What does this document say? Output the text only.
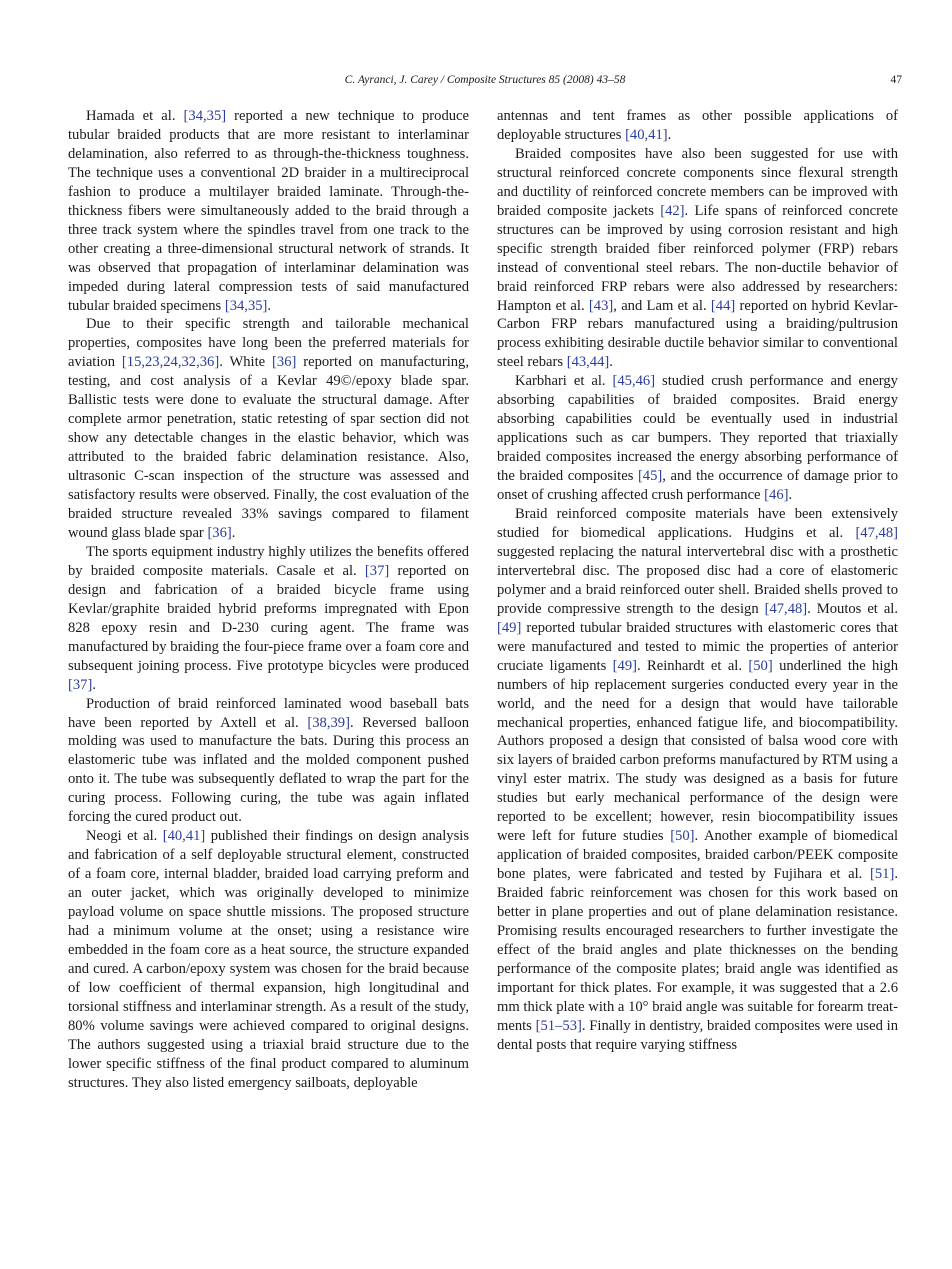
C. Ayranci, J. Carey / Composite Structures 85 (2008) 43–58	47

Hamada et al. [34,35] reported a new technique to produce tubular braided products that are more resistant to interlaminar delamination, also referred to as through-the-thickness toughness. The technique uses a conventional 2D braider in a multireciprocal fashion to produce a multilayer braided laminate. Through-the-thickness fibers were simultaneously added to the braid through a three track system where the spindles travel from one track to the other creating a three-dimensional structural network of strands. It was observed that propagation of interlaminar delamination was impeded during lateral compression tests of said manufactured tubular braided specimens [34,35].

Due to their specific strength and tailorable mechanical properties, composites have long been the preferred materials for aviation [15,23,24,32,36]. White [36] reported on manufacturing, testing, and cost analysis of a Kevlar 49©/epoxy blade spar. Ballistic tests were done to evaluate the structural damage. After complete armor penetration, static retesting of spar section did not show any detectable changes in the elastic behavior, which was attributed to the braided fabric delamination resistance. Also, ultrasonic C-scan inspection of the structure was assessed and satisfactory results were observed. Finally, the cost evaluation of the braided structure revealed 33% savings compared to filament wound glass blade spar [36].

The sports equipment industry highly utilizes the benefits offered by braided composite materials. Casale et al. [37] reported on design and fabrication of a braided bicycle frame using Kevlar/graphite braided hybrid preforms impregnated with Epon 828 epoxy resin and D-230 curing agent. The frame was manufactured by braiding the four-piece frame over a foam core and subsequent joining process. Five prototype bicycles were produced [37].

Production of braid reinforced laminated wood baseball bats have been reported by Axtell et al. [38,39]. Reversed balloon molding was used to manufacture the bats. During this process an elastomeric tube was inflated and the molded component pushed onto it. The tube was subsequently deflated to wrap the part for the curing process. Following curing, the tube was again inflated forcing the cured product out.

Neogi et al. [40,41] published their findings on design analysis and fabrication of a self deployable structural element, constructed of a foam core, internal bladder, braided load carrying preform and an outer jacket, which was originally developed to minimize payload volume on space shuttle missions. The proposed structure had a minimum volume at the onset; using a resistance wire embedded in the foam core as a heat source, the structure expanded and cured. A carbon/epoxy system was chosen for the braid because of low coefficient of thermal expansion, high longitudinal and torsional stiffness and interlaminar strength. As a result of the study, 80% volume savings were achieved compared to original designs. The authors suggested using a triaxial braid structure due to the lower specific stiffness of the final product compared to aluminum structures. They also listed emergency sailboats, deployable

antennas and tent frames as other possible applications of deployable structures [40,41].

Braided composites have also been suggested for use with structural reinforced concrete components since flexural strength and ductility of reinforced concrete members can be improved with braided composite jackets [42]. Life spans of reinforced concrete structures can be improved by using corrosion resistant and high specific strength braided fiber reinforced polymer (FRP) rebars instead of conventional steel rebars. The non-ductile behavior of braid reinforced FRP rebars were also addressed by researchers: Hampton et al. [43], and Lam et al. [44] reported on hybrid Kevlar-Carbon FRP rebars manufactured using a braiding/pultrusion process exhibiting desirable ductile behavior similar to conventional steel rebars [43,44].

Karbhari et al. [45,46] studied crush performance and energy absorbing capabilities of braided composites. Braid energy absorbing capabilities could be eventually used in industrial applications such as car bumpers. They reported that triaxially braided composites increased the energy absorbing performance of the braided composites [45], and the occurrence of damage prior to onset of crushing affected crush performance [46].

Braid reinforced composite materials have been extensively studied for biomedical applications. Hudgins et al. [47,48] suggested replacing the natural intervertebral disc with a prosthetic intervertebral disc. The proposed disc had a core of elastomeric polymer and a braid reinforced outer shell. Braided shells proved to provide compressive strength to the design [47,48]. Moutos et al. [49] reported tubular braided structures with elastomeric cores that were manufactured and tested to mimic the properties of anterior cruciate ligaments [49]. Reinhardt et al. [50] underlined the high numbers of hip replacement surgeries conducted every year in the world, and the need for a design that would have tailorable mechanical properties, enhanced fatigue life, and biocompatibility. Authors proposed a design that consisted of balsa wood core with six layers of braided carbon preforms manufactured by RTM using a vinyl ester matrix. The study was designed as a basis for future studies but early mechanical performance of the design were reported to be excellent; however, resin biocompatibility issues were left for future studies [50]. Another example of biomedical application of braided composites, braided carbon/PEEK composite bone plates, were fabricated and tested by Fujihara et al. [51]. Braided fabric reinforcement was chosen for this work based on better in plane properties and out of plane delamination resistance. Promising results encouraged researchers to further investigate the effect of the braid angles and plate thicknesses on the bending performance of the composite plates; braid angle was identified as important for thick plates. For example, it was suggested that a 2.6 mm thick plate with a 10° braid angle was suitable for forearm treatments [51–53]. Finally in dentistry, braided composites were used in dental posts that require varying stiffness
